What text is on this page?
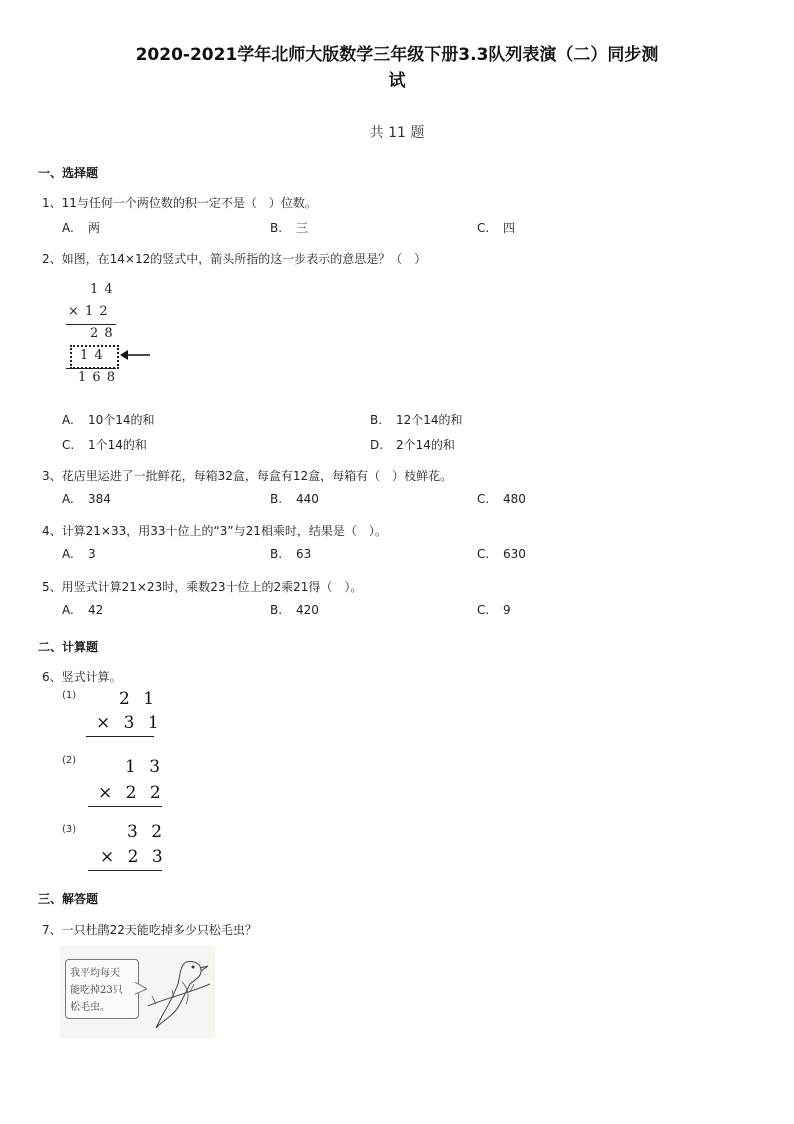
2020-2021学年北师大版数学三年级下册3.3队列表演（二）同步测
试
共 11 题
一、选择题
1、11与任何一个两位数的积一定不是（　）位数。
A. 两	B. 三	C. 四
2、如图，在14×12的竖式中，箭头所指的这一步表示的意思是？（　）
1 4
× 1 2
2 8
1 4
1 6 8
A. 10个14的和	B. 12个14的和
C. 1个14的和	D. 2个14的和
3、花店里运进了一批鲜花，每箱32盒，每盒有12盒，每箱有（　）枝鲜花。
A. 384	B. 440	C. 480
4、计算21×33，用33十位上的“3”与21相乘时，结果是（　）。
A. 3	B. 63	C. 630
5、用竖式计算21×23时，乘数23十位上的2乘21得（　）。
A. 42	B. 420	C. 9
二、计算题
6、竖式计算。
(1)	2 1
× 3 1
(2)	1 3
× 2 2
(3)	3 2
× 2 3
三、解答题
7、一只杜鹃22天能吃掉多少只松毛虫？
我平均每天
能吃掉23只
松毛虫。
